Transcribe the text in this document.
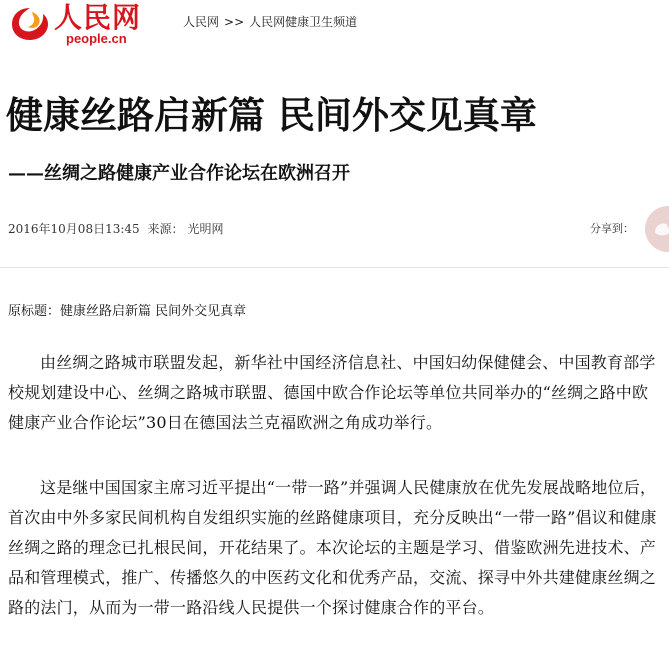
人民网
people.cn
人民网 >> 人民网健康卫生频道
健康丝路启新篇 民间外交见真章
——丝绸之路健康产业合作论坛在欧洲召开
2016年10月08日13:45 来源： 光明网	分享到：
原标题：健康丝路启新篇 民间外交见真章

由丝绸之路城市联盟发起，新华社中国经济信息社、中国妇幼保健健会、中国教育部学校规划建设中心、丝绸之路城市联盟、德国中欧合作论坛等单位共同举办的“丝绸之路中欧健康产业合作论坛”30日在德国法兰克福欧洲之角成功举行。

这是继中国国家主席习近平提出“一带一路”并强调人民健康放在优先发展战略地位后，首次由中外多家民间机构自发组织实施的丝路健康项目，充分反映出“一带一路”倡议和健康丝绸之路的理念已扎根民间，开花结果了。本次论坛的主题是学习、借鉴欧洲先进技术、产品和管理模式，推广、传播悠久的中医药文化和优秀产品，交流、探寻中外共建健康丝绸之路的法门，从而为一带一路沿线人民提供一个探讨健康合作的平台。
